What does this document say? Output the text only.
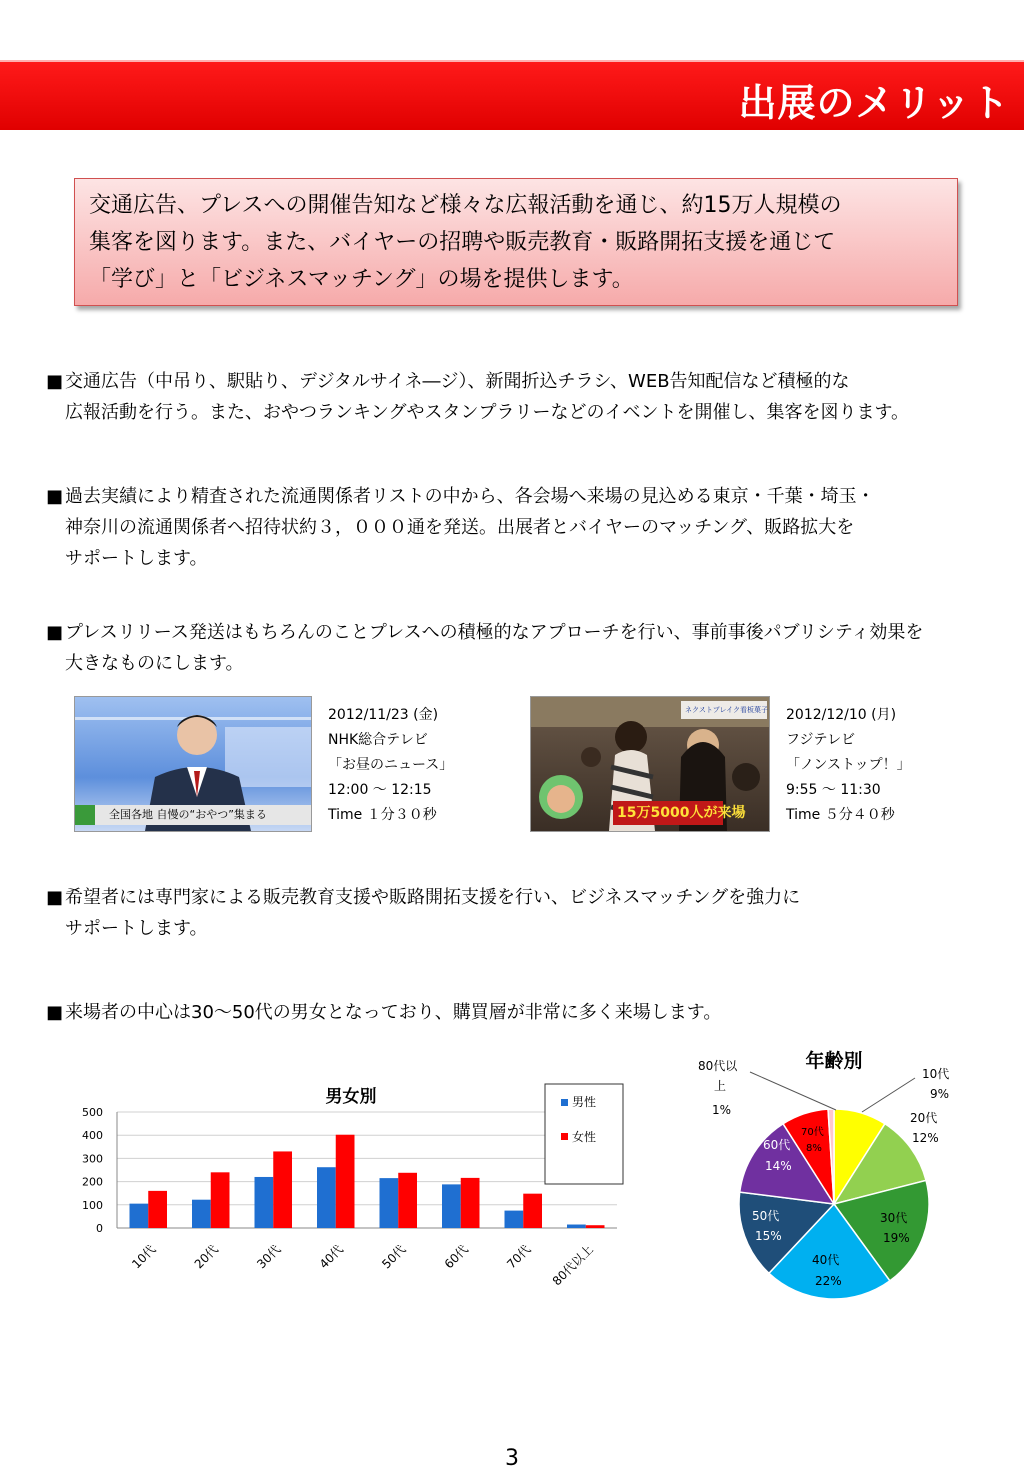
出展のメリット
交通広告、プレスへの開催告知など様々な広報活動を通じ、約15万人規模の
集客を図ります。また、バイヤーの招聘や販売教育・販路開拓支援を通じて
「学び」と「ビジネスマッチング」の場を提供します。
■ 交通広告（中吊り、駅貼り、デジタルサイネ―ジ）、新聞折込チラシ、WEB告知配信など積極的な
広報活動を行う。また、おやつランキングやスタンプラリーなどのイベントを開催し、集客を図ります。
■ 過去実績により精査された流通関係者リストの中から、各会場へ来場の見込める東京・千葉・埼玉・
神奈川の流通関係者へ招待状約３，０００通を発送。出展者とバイヤーのマッチング、販路拡大を
サポートします。
■ プレスリリース発送はもちろんのことプレスへの積極的なアプローチを行い、事前事後パブリシティ効果を
大きなものにします。
全国各地 自慢の“おやつ”集まる
2012/11/23 (金)
NHK総合テレビ
「お昼のニュース」
12:00 ～ 12:15
Time １分３０秒
ネクストブレイク看板菓子
15万5000人が来場
2012/12/10 (月)
フジテレビ
「ノンストップ！」
9:55 ～ 11:30
Time ５分４０秒
■ 希望者には専門家による販売教育支援や販路開拓支援を行い、ビジネスマッチングを強力に
サポートします。
■ 来場者の中心は30～50代の男女となっており、購買層が非常に多く来場します。
男女別
0
100
200
300
400
500
10代	20代	30代	40代	50代	60代	70代 80代以上
男性
女性
年齢別
80代以
上
1%
10代
9%
20代
12%
30代
19%
40代
22%
50代
15%
60代
14%
70代
8%
3
